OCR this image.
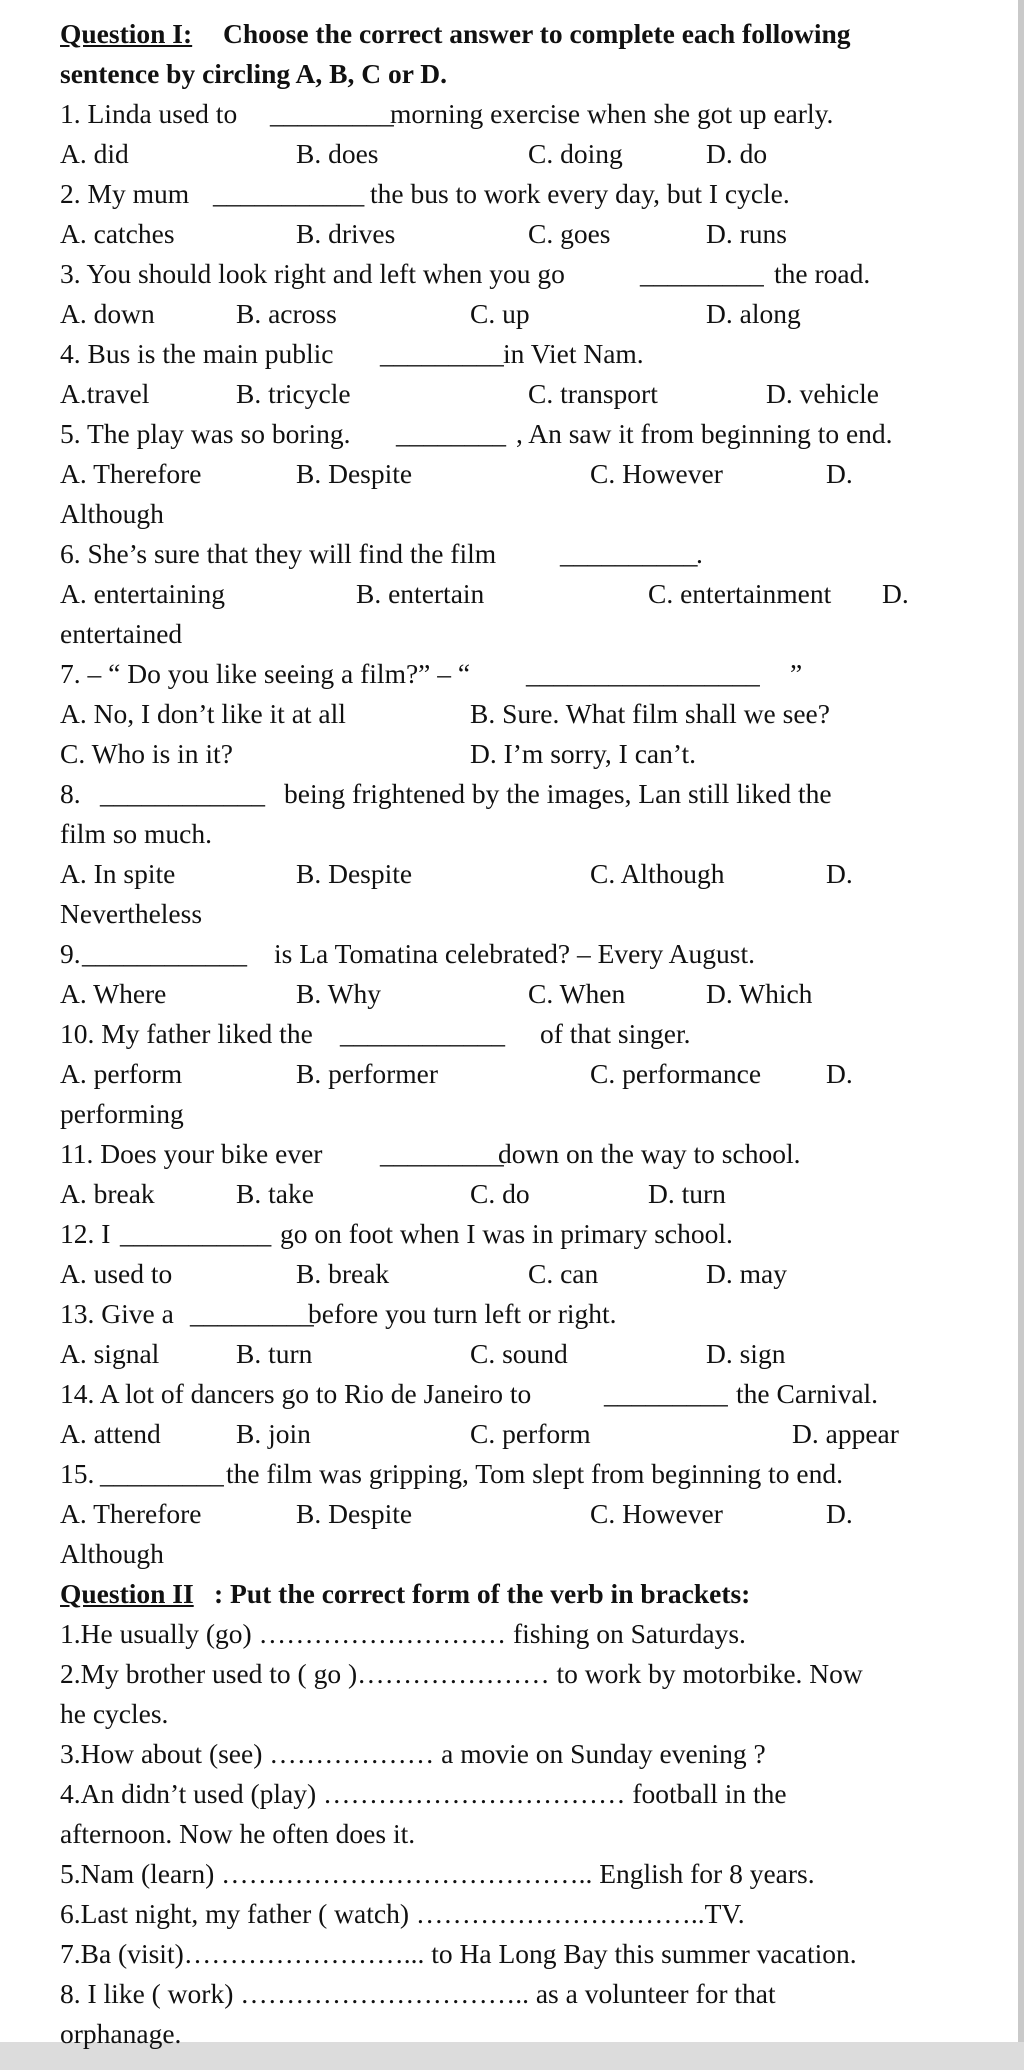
Question I: Choose the correct answer to complete each following
sentence by circling A, B, C or D.
1. Linda used to _________
morning exercise when she got up early.
A. did	B. does	C. doing	D. do
2. My mum ___________ the bus to work every day, but I cycle.
A. catches	B. drives	C. goes	D. runs
3. You should look right and left when you go	_________ the road.
A. down	B. across	C. up	D. along
4. Bus is the main public _________ in Viet Nam.
A.travel	B. tricycle	C. transport	D. vehicle
5. The play was so boring. ________ , An saw it from beginning to end.
A. Therefore	B. Despite	C. However	D.
Although
6. She’s sure that they will find the film __________
.
A. entertaining	B. entertain	C. entertainment D.
entertained
7. – “ Do you like seeing a film?” – “ _________________ ”
A. No, I don’t like it at all	B. Sure. What film shall we see?
C. Who is in it?	D. I’m sorry, I can’t.
8. ____________ being frightened by the images, Lan still liked the
film so much.
A. In spite	B. Despite	C. Although	D.
Nevertheless
9. ____________ is La Tomatina celebrated? – Every August.
A. Where	B. Why	C. When	D. Which
10. My father liked the ____________ of that singer.
A. perform	B. performer	C. performance D.
performing
11. Does your bike ever _________
down on the way to school.
A. break	B. take	C. do	D. turn
12. I ___________ go on foot when I was in primary school.
A. used to	B. break	C. can	D. may
13. Give a _________
before you turn left or right.
A. signal	B. turn	C. sound	D. sign
14. A lot of dancers go to Rio de Janeiro to	_________ the Carnival.
A. attend	B. join	C. perform	D. appear
15. _________ the film was gripping, Tom slept from beginning to end.
A. Therefore	B. Despite	C. However	D.
Although
Question II : Put the correct form of the verb in brackets:
1.He usually (go) ……………………… fishing on Saturdays.
2.My brother used to ( go )………………… to work by motorbike. Now
he cycles.
3.How about (see) ……………… a movie on Sunday evening ?
4.An didn’t used (play) …………………………… football in the
afternoon. Now he often does it.
5.Nam (learn) ………………………………….. English for 8 years.
6.Last night, my father ( watch) …………………………..TV.
7.Ba (visit)……………………... to Ha Long Bay this summer vacation.
8. I like ( work) ………………………….. as a volunteer for that
orphanage.
